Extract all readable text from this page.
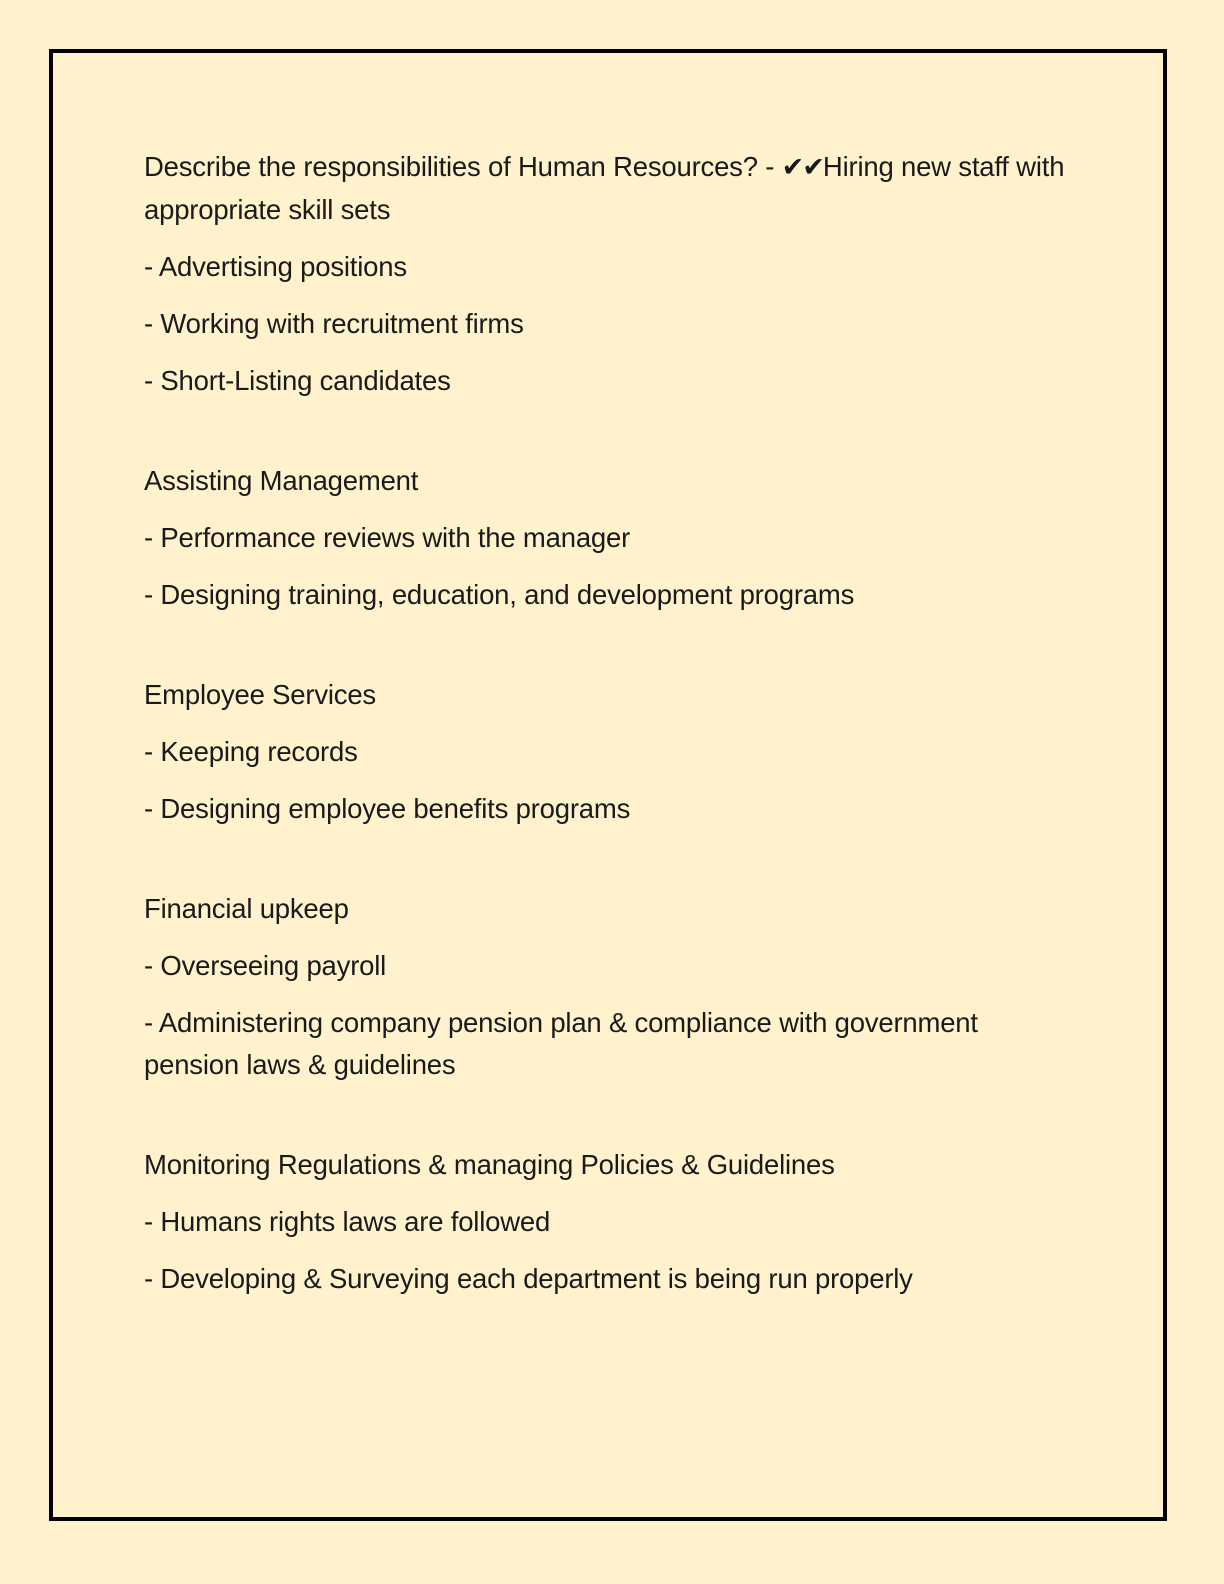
Describe the responsibilities of Human Resources? - ✔✔Hiring new staff with appropriate skill sets

- Advertising positions

- Working with recruitment firms

- Short-Listing candidates

Assisting Management

- Performance reviews with the manager

- Designing training, education, and development programs

Employee Services

- Keeping records

- Designing employee benefits programs

Financial upkeep

- Overseeing payroll

- Administering company pension plan & compliance with government pension laws & guidelines

Monitoring Regulations & managing Policies & Guidelines

- Humans rights laws are followed

- Developing & Surveying each department is being run properly
